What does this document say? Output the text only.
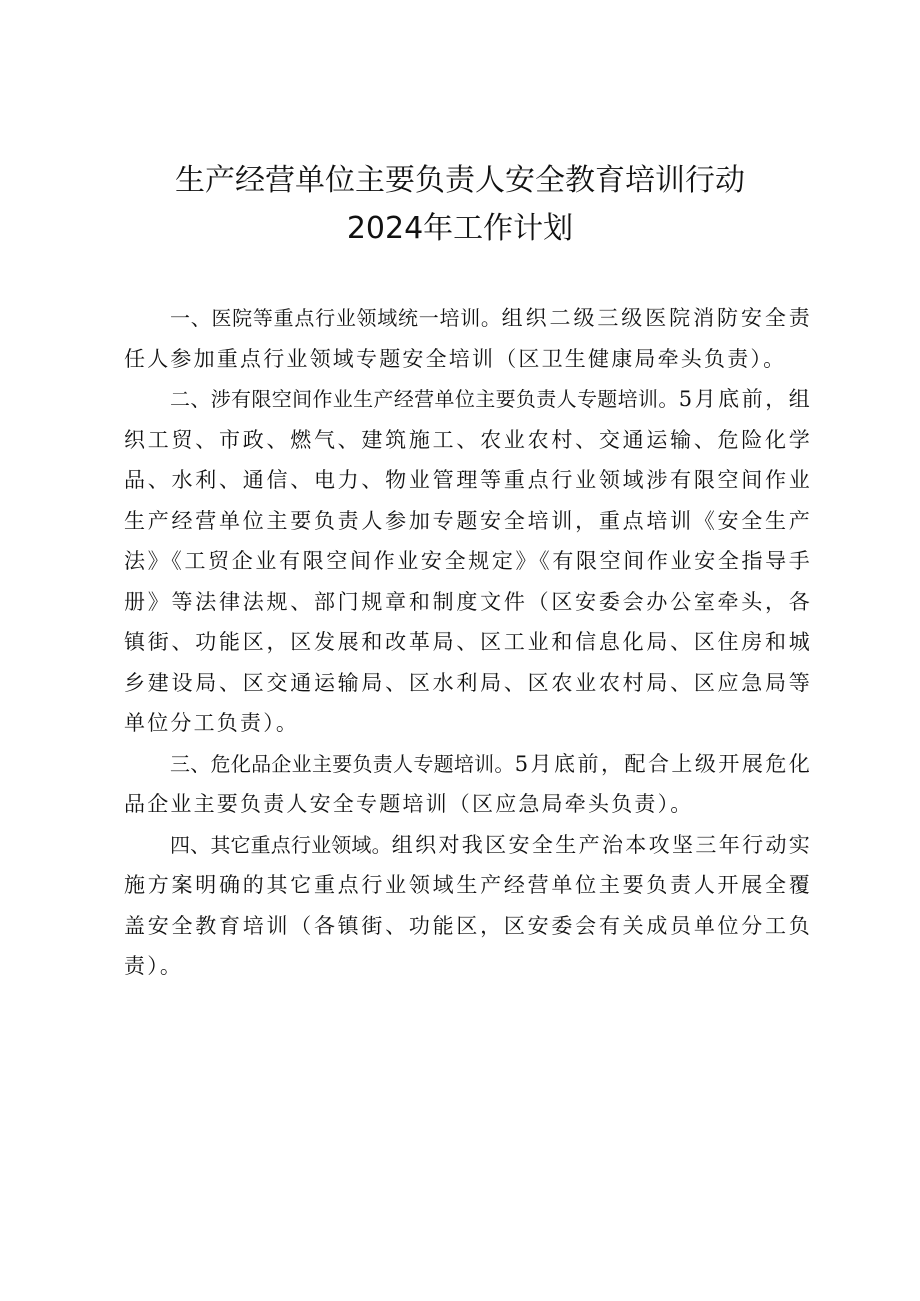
生产经营单位主要负责人安全教育培训行动
2024年工作计划

一、医院等重点行业领域统一培训。组织二级三级医院消防安全责任人参加重点行业领域专题安全培训（区卫生健康局牵头负责）。

二、涉有限空间作业生产经营单位主要负责人专题培训。5月底前，组织工贸、市政、燃气、建筑施工、农业农村、交通运输、危险化学品、水利、通信、电力、物业管理等重点行业领域涉有限空间作业生产经营单位主要负责人参加专题安全培训，重点培训《安全生产法》《工贸企业有限空间作业安全规定》《有限空间作业安全指导手册》等法律法规、部门规章和制度文件（区安委会办公室牵头，各镇街、功能区，区发展和改革局、区工业和信息化局、区住房和城乡建设局、区交通运输局、区水利局、区农业农村局、区应急局等单位分工负责）。

三、危化品企业主要负责人专题培训。5月底前，配合上级开展危化品企业主要负责人安全专题培训（区应急局牵头负责）。

四、其它重点行业领域。组织对我区安全生产治本攻坚三年行动实施方案明确的其它重点行业领域生产经营单位主要负责人开展全覆盖安全教育培训（各镇街、功能区，区安委会有关成员单位分工负责）。
